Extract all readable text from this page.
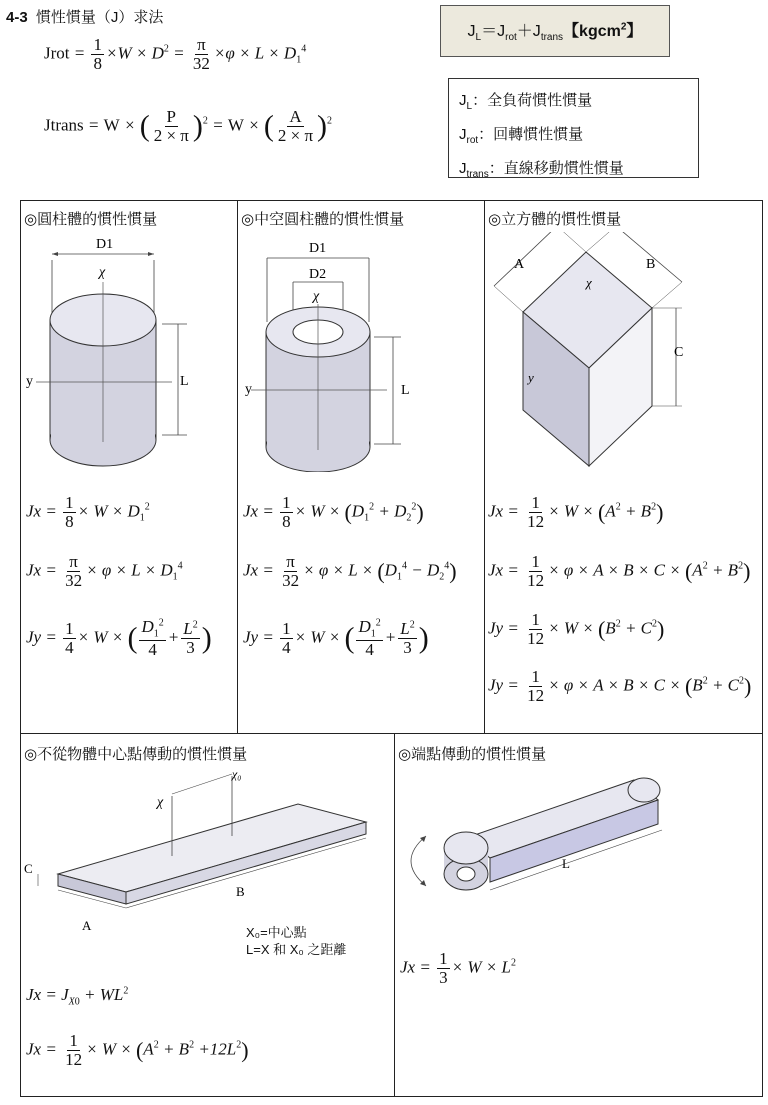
4-3 慣性慣量（J）求法
Jrot = $\frac{1}{8} \times W \times D^2 = \frac{\pi}{32} \times\varphi \times L \times D_1^4$
Jtrans = W × ( $\frac{P}{2 \times \pi} )^2 = W$ × ( $\frac{A}{2 \times \pi} )^2$
$J_L=J_{rot}+J_{trans}$【kgcm$^2$】
$J_L$：全負荷慣性慣量
$J_{rot}$：回轉慣性慣量
$J_{trans}$：直線移動慣性慣量
◎圓柱體的慣性慣量
D1
χ
y	L
$Jx = \frac{1}{8} \times W \times D_1^2$
$Jx = \frac{\pi}{32} \times \varphi \times L \times D_1^4$
$Jy = \frac{1}{4} \times W$ × ( $\frac{D_1^2}{4} + \frac{L^2}{3}$ )
◎中空圓柱體的慣性慣量
D1
D2
χ
y	L
$Jx = \frac{1}{8} \times W \times (D_1^2 + D_2^2)$
$Jx = \frac{\pi}{32} \times \varphi \times L \times (D_1^4 - D_2^4)$
$Jy = \frac{1}{4} \times W$ × ( $\frac{D_1^2}{4} + \frac{L^2}{3}$ )
◎立方體的慣性慣量
A	B
C
χ
y
$Jx = \frac{1}{12} \times W \times (A^2 + B^2)$
$Jx = \frac{1}{12} \times \varphi \times A \times B \times C \times (A^2 + B^2)$
$Jy = \frac{1}{12} \times W \times (B^2 + C^2)$
$Jy = \frac{1}{12} \times \varphi \times A \times B \times C \times (B^2 + C^2)$
◎不從物體中心點傳動的慣性慣量
χ
χ₀
A
B
C
X₀=中心點
L=X 和 X₀ 之距離
$Jx = J_{X0} + WL^2$
$Jx = \frac{1}{12} \times W \times (A^2 + B^2 +12L^2)$
◎端點傳動的慣性慣量
L
$Jx = \frac{1}{3} \times W \times L^2$
